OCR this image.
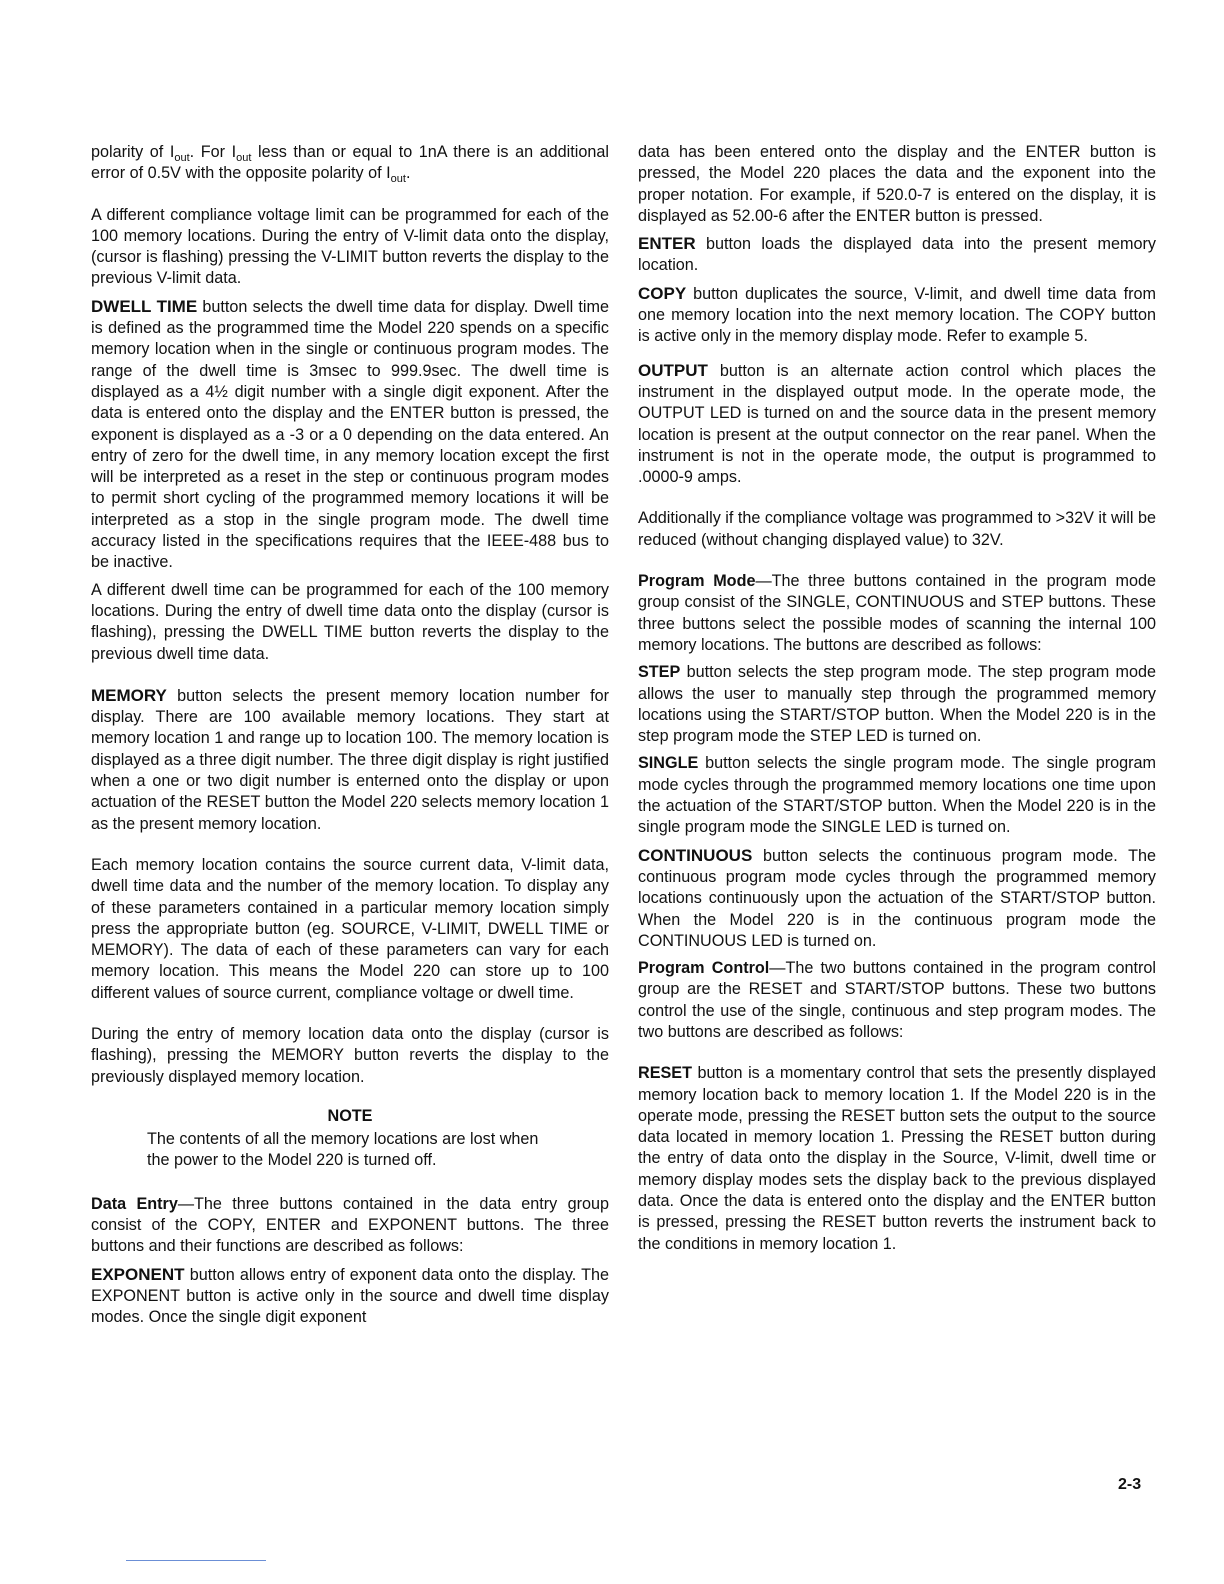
polarity of $I_{out}$. For $I_{out}$ less than or equal to 1nA there is an additional error of 0.5V with the opposite polarity of $I_{out}$.

A different compliance voltage limit can be programmed for each of the 100 memory locations. During the entry of V-limit data onto the display, (cursor is flashing) pressing the V-LIMIT button reverts the display to the previous V-limit data.

DWELL TIME button selects the dwell time data for display. Dwell time is defined as the programmed time the Model 220 spends on a specific memory location when in the single or continuous program modes. The range of the dwell time is 3msec to 999.9sec. The dwell time is displayed as a 4½ digit number with a single digit exponent. After the data is entered onto the display and the ENTER button is pressed, the exponent is displayed as a -3 or a 0 depending on the data entered. An entry of zero for the dwell time, in any memory location except the first will be interpreted as a reset in the step or continuous program modes to permit short cycling of the programmed memory locations it will be interpreted as a stop in the single program mode. The dwell time accuracy listed in the specifications requires that the IEEE-488 bus to be inactive.

A different dwell time can be programmed for each of the 100 memory locations. During the entry of dwell time data onto the display (cursor is flashing), pressing the DWELL TIME button reverts the display to the previous dwell time data.

MEMORY button selects the present memory location number for display. There are 100 available memory locations. They start at memory location 1 and range up to location 100. The memory location is displayed as a three digit number. The three digit display is right justified when a one or two digit number is enterned onto the display or upon actuation of the RESET button the Model 220 selects memory location 1 as the present memory location.

Each memory location contains the source current data, V-limit data, dwell time data and the number of the memory location. To display any of these parameters contained in a particular memory location simply press the appropriate button (eg. SOURCE, V-LIMIT, DWELL TIME or MEMORY). The data of each of these parameters can vary for each memory location. This means the Model 220 can store up to 100 different values of source current, compliance voltage or dwell time.

During the entry of memory location data onto the display (cursor is flashing), pressing the MEMORY button reverts the display to the previously displayed memory location.

NOTE
The contents of all the memory locations are lost when the power to the Model 220 is turned off.

Data Entry—The three buttons contained in the data entry group consist of the COPY, ENTER and EXPONENT buttons. The three buttons and their functions are described as follows:

EXPONENT button allows entry of exponent data onto the display. The EXPONENT button is active only in the source and dwell time display modes. Once the single digit exponent

data has been entered onto the display and the ENTER button is pressed, the Model 220 places the data and the exponent into the proper notation. For example, if 520.0-7 is entered on the display, it is displayed as 52.00-6 after the ENTER button is pressed.

ENTER button loads the displayed data into the present memory location.

COPY button duplicates the source, V-limit, and dwell time data from one memory location into the next memory location. The COPY button is active only in the memory display mode. Refer to example 5.

OUTPUT button is an alternate action control which places the instrument in the displayed output mode. In the operate mode, the OUTPUT LED is turned on and the source data in the present memory location is present at the output connector on the rear panel. When the instrument is not in the operate mode, the output is programmed to .0000-9 amps.

Additionally if the compliance voltage was programmed to >32V it will be reduced (without changing displayed value) to 32V.

Program Mode—The three buttons contained in the program mode group consist of the SINGLE, CONTINUOUS and STEP buttons. These three buttons select the possible modes of scanning the internal 100 memory locations. The buttons are described as follows:

STEP button selects the step program mode. The step program mode allows the user to manually step through the programmed memory locations using the START/STOP button. When the Model 220 is in the step program mode the STEP LED is turned on.

SINGLE button selects the single program mode. The single program mode cycles through the programmed memory locations one time upon the actuation of the START/STOP button. When the Model 220 is in the single program mode the SINGLE LED is turned on.

CONTINUOUS button selects the continuous program mode. The continuous program mode cycles through the programmed memory locations continuously upon the actuation of the START/STOP button. When the Model 220 is in the continuous program mode the CONTINUOUS LED is turned on.

Program Control—The two buttons contained in the program control group are the RESET and START/STOP buttons. These two buttons control the use of the single, continuous and step program modes. The two buttons are described as follows:

RESET button is a momentary control that sets the presently displayed memory location back to memory location 1. If the Model 220 is in the operate mode, pressing the RESET button sets the output to the source data located in memory location 1. Pressing the RESET button during the entry of data onto the display in the Source, V-limit, dwell time or memory display modes sets the display back to the previous displayed data. Once the data is entered onto the display and the ENTER button is pressed, pressing the RESET button reverts the instrument back to the conditions in memory location 1.

2-3
